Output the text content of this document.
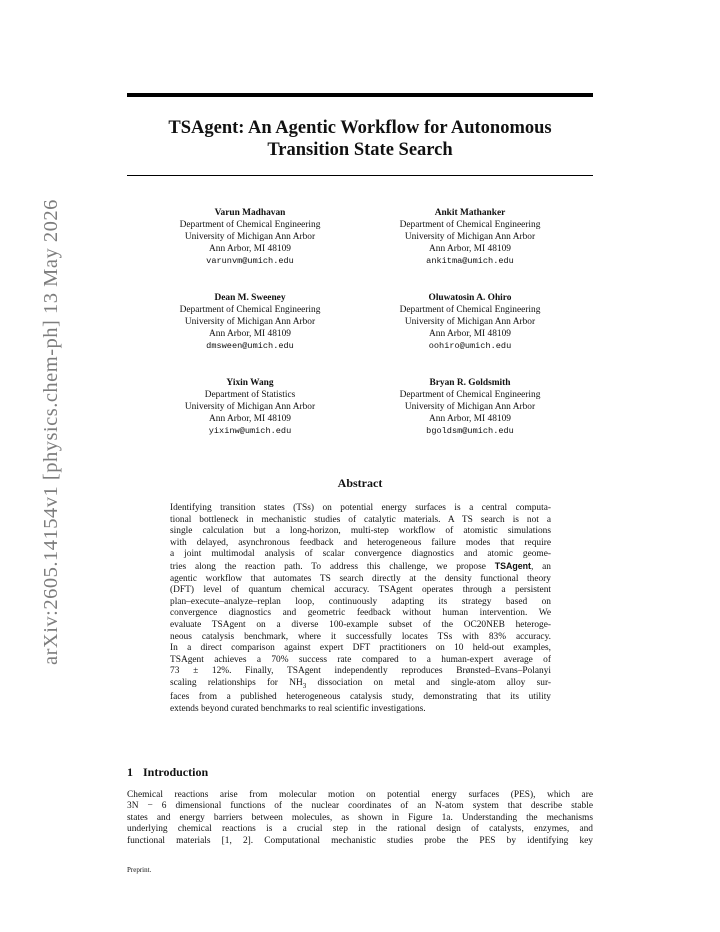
arXiv:2605.14154v1 [physics.chem-ph] 13 May 2026
TSAgent: An Agentic Workflow for Autonomous
Transition State Search
Varun Madhavan
Department of Chemical Engineering
University of Michigan Ann Arbor
Ann Arbor, MI 48109
varunvm@umich.edu
Ankit Mathanker
Department of Chemical Engineering
University of Michigan Ann Arbor
Ann Arbor, MI 48109
ankitma@umich.edu
Dean M. Sweeney
Department of Chemical Engineering
University of Michigan Ann Arbor
Ann Arbor, MI 48109
dmsween@umich.edu
Oluwatosin A. Ohiro
Department of Chemical Engineering
University of Michigan Ann Arbor
Ann Arbor, MI 48109
oohiro@umich.edu
Yixin Wang
Department of Statistics
University of Michigan Ann Arbor
Ann Arbor, MI 48109
yixinw@umich.edu
Bryan R. Goldsmith
Department of Chemical Engineering
University of Michigan Ann Arbor
Ann Arbor, MI 48109
bgoldsm@umich.edu
Abstract
Identifying transition states (TSs) on potential energy surfaces is a central computa-
tional bottleneck in mechanistic studies of catalytic materials. A TS search is not a
single calculation but a long-horizon, multi-step workflow of atomistic simulations
with delayed, asynchronous feedback and heterogeneous failure modes that require
a joint multimodal analysis of scalar convergence diagnostics and atomic geome-
tries along the reaction path. To address this challenge, we propose TSAgent, an
agentic workflow that automates TS search directly at the density functional theory
(DFT) level of quantum chemical accuracy. TSAgent operates through a persistent
plan–execute–analyze–replan loop, continuously adapting its strategy based on
convergence diagnostics and geometric feedback without human intervention. We
evaluate TSAgent on a diverse 100-example subset of the OC20NEB heteroge-
neous catalysis benchmark, where it successfully locates TSs with 83% accuracy.
In a direct comparison against expert DFT practitioners on 10 held-out examples,
TSAgent achieves a 70% success rate compared to a human-expert average of
73 ± 12%. Finally, TSAgent independently reproduces Brønsted–Evans–Polanyi
scaling relationships for $NH_3$ dissociation on metal and single-atom alloy sur-
faces from a published heterogeneous catalysis study, demonstrating that its utility
extends beyond curated benchmarks to real scientific investigations.
1 Introduction
Chemical reactions arise from molecular motion on potential energy surfaces (PES), which are
3N − 6 dimensional functions of the nuclear coordinates of an N-atom system that describe stable
states and energy barriers between molecules, as shown in Figure 1a. Understanding the mechanisms
underlying chemical reactions is a crucial step in the rational design of catalysts, enzymes, and
functional materials [1, 2]. Computational mechanistic studies probe the PES by identifying key
Preprint.
